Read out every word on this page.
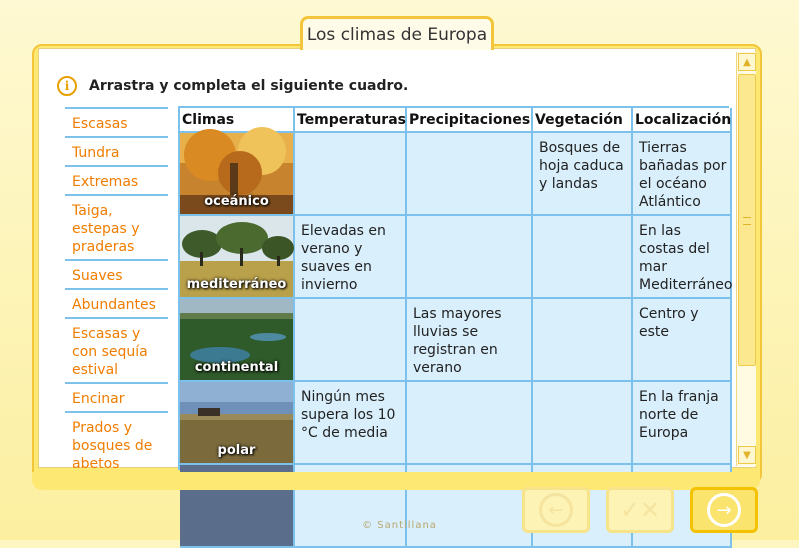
Los climas de Europa
i	Arrastra y completa el siguiente cuadro.
Escasas
Tundra
Extremas
Taiga, estepas y praderas
Suaves
Abundantes
Escasas y con sequía estival
Encinar
Prados y bosques de abetos
Climas	Temperaturas	Precipitaciones	Vegetación	Localización

oceánico			Bosques de hoja caduca y landas	Tierras bañadas por el océano Atlántico

mediterráneo	Elevadas en verano y suaves en invierno			En las costas del mar Mediterráneo

continental		Las mayores lluvias se registran en verano		Centro y este

polar	Ningún mes supera los 10 °C de media			En la franja norte de Europa

▲
▼
←	✓✕	→
© Santillana
